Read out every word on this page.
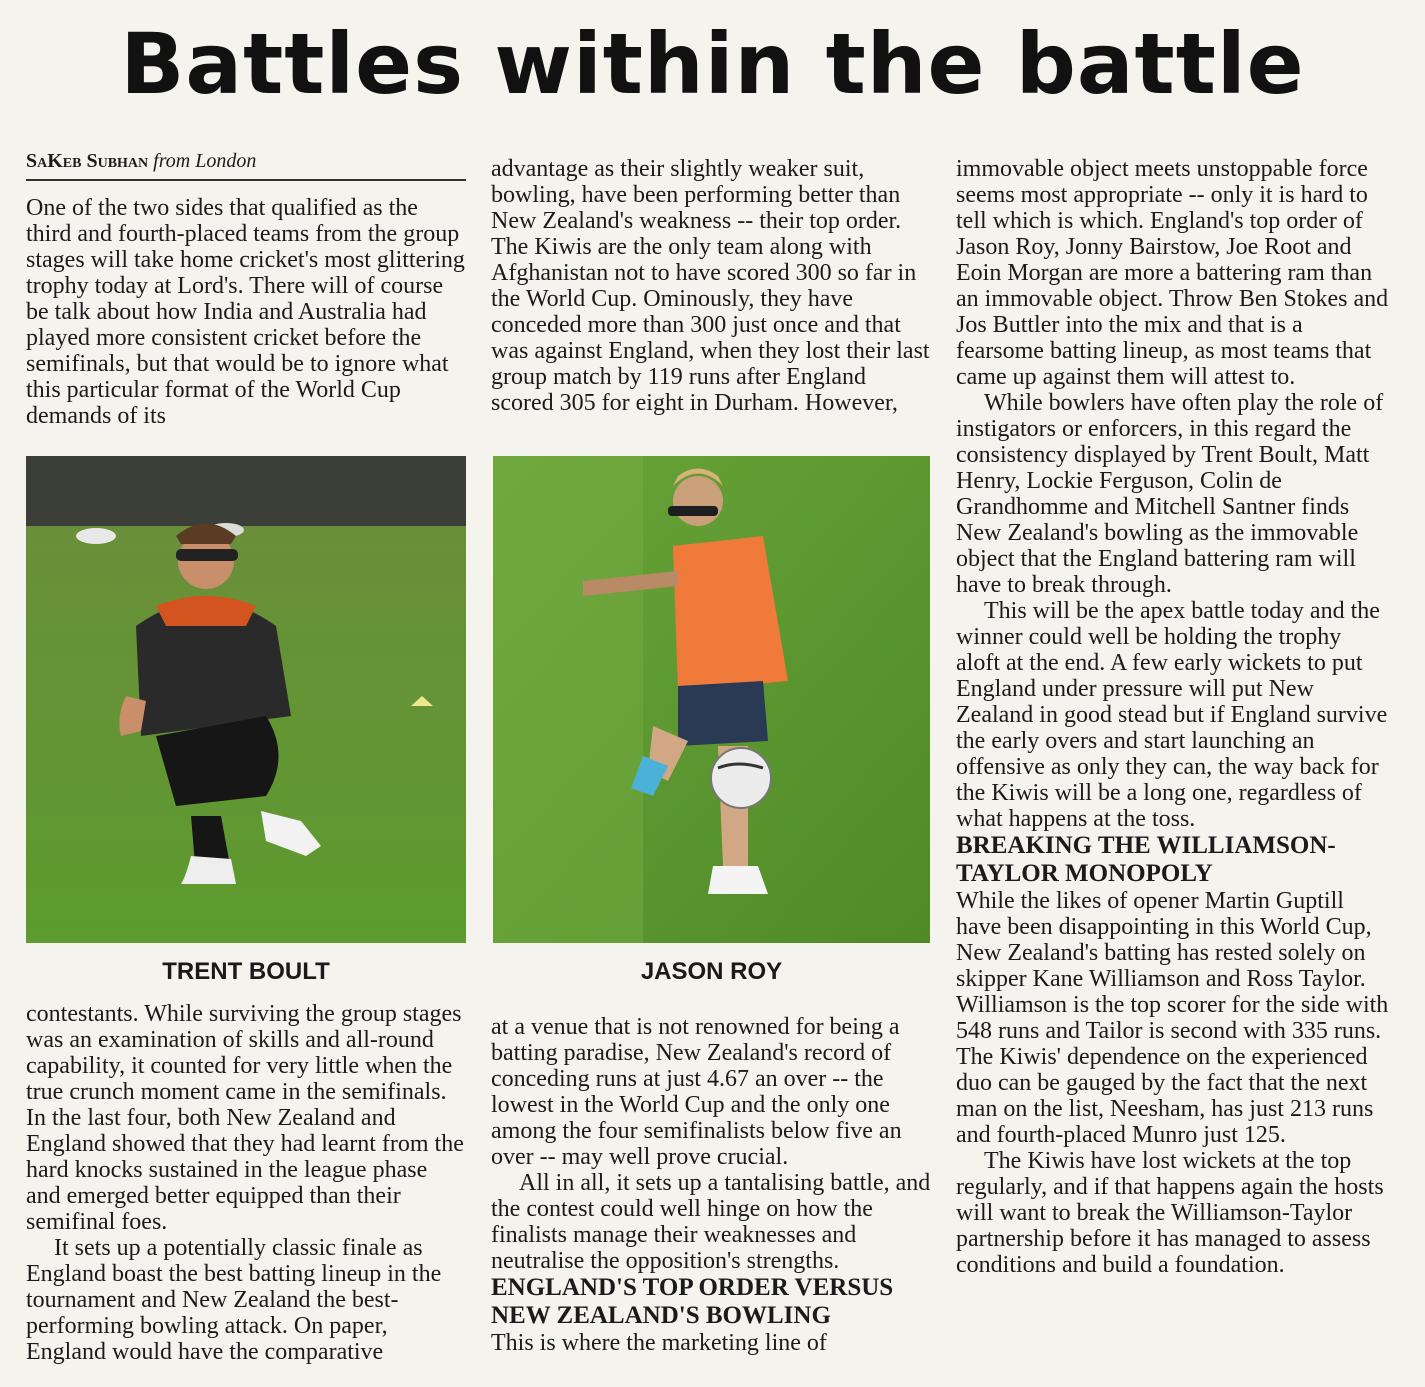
Battles within the battle

SaKeb Subhan from London

One of the two sides that qualified as the third and fourth-placed teams from the group stages will take home cricket's most glittering trophy today at Lord's. There will of course be talk about how India and Australia had played more consistent cricket before the semifinals, but that would be to ignore what this particular format of the World Cup demands of its

advantage as their slightly weaker suit, bowling, have been performing better than New Zealand's weakness -- their top order. The Kiwis are the only team along with Afghanistan not to have scored 300 so far in the World Cup. Ominously, they have conceded more than 300 just once and that was against England, when they lost their last group match by 119 runs after England scored 305 for eight in Durham. However,

TRENT BOULT	JASON ROY

contestants. While surviving the group stages was an examination of skills and all-round capability, it counted for very little when the true crunch moment came in the semifinals. In the last four, both New Zealand and England showed that they had learnt from the hard knocks sustained in the league phase and emerged better equipped than their semifinal foes.

It sets up a potentially classic finale as England boast the best batting lineup in the tournament and New Zealand the best-performing bowling attack. On paper, England would have the comparative

at a venue that is not renowned for being a batting paradise, New Zealand's record of conceding runs at just 4.67 an over -- the lowest in the World Cup and the only one among the four semifinalists below five an over -- may well prove crucial.

All in all, it sets up a tantalising battle, and the contest could well hinge on how the finalists manage their weaknesses and neutralise the opposition's strengths.

ENGLAND'S TOP ORDER VERSUS NEW ZEALAND'S BOWLING

This is where the marketing line of

immovable object meets unstoppable force seems most appropriate -- only it is hard to tell which is which. England's top order of Jason Roy, Jonny Bairstow, Joe Root and Eoin Morgan are more a battering ram than an immovable object. Throw Ben Stokes and Jos Buttler into the mix and that is a fearsome batting lineup, as most teams that came up against them will attest to.

While bowlers have often play the role of instigators or enforcers, in this regard the consistency displayed by Trent Boult, Matt Henry, Lockie Ferguson, Colin de Grandhomme and Mitchell Santner finds New Zealand's bowling as the immovable object that the England battering ram will have to break through.

This will be the apex battle today and the winner could well be holding the trophy aloft at the end. A few early wickets to put England under pressure will put New Zealand in good stead but if England survive the early overs and start launching an offensive as only they can, the way back for the Kiwis will be a long one, regardless of what happens at the toss.

BREAKING THE WILLIAMSON-TAYLOR MONOPOLY

While the likes of opener Martin Guptill have been disappointing in this World Cup, New Zealand's batting has rested solely on skipper Kane Williamson and Ross Taylor. Williamson is the top scorer for the side with 548 runs and Tailor is second with 335 runs. The Kiwis' dependence on the experienced duo can be gauged by the fact that the next man on the list, Neesham, has just 213 runs and fourth-placed Munro just 125.

The Kiwis have lost wickets at the top regularly, and if that happens again the hosts will want to break the Williamson-Taylor partnership before it has managed to assess conditions and build a foundation.
